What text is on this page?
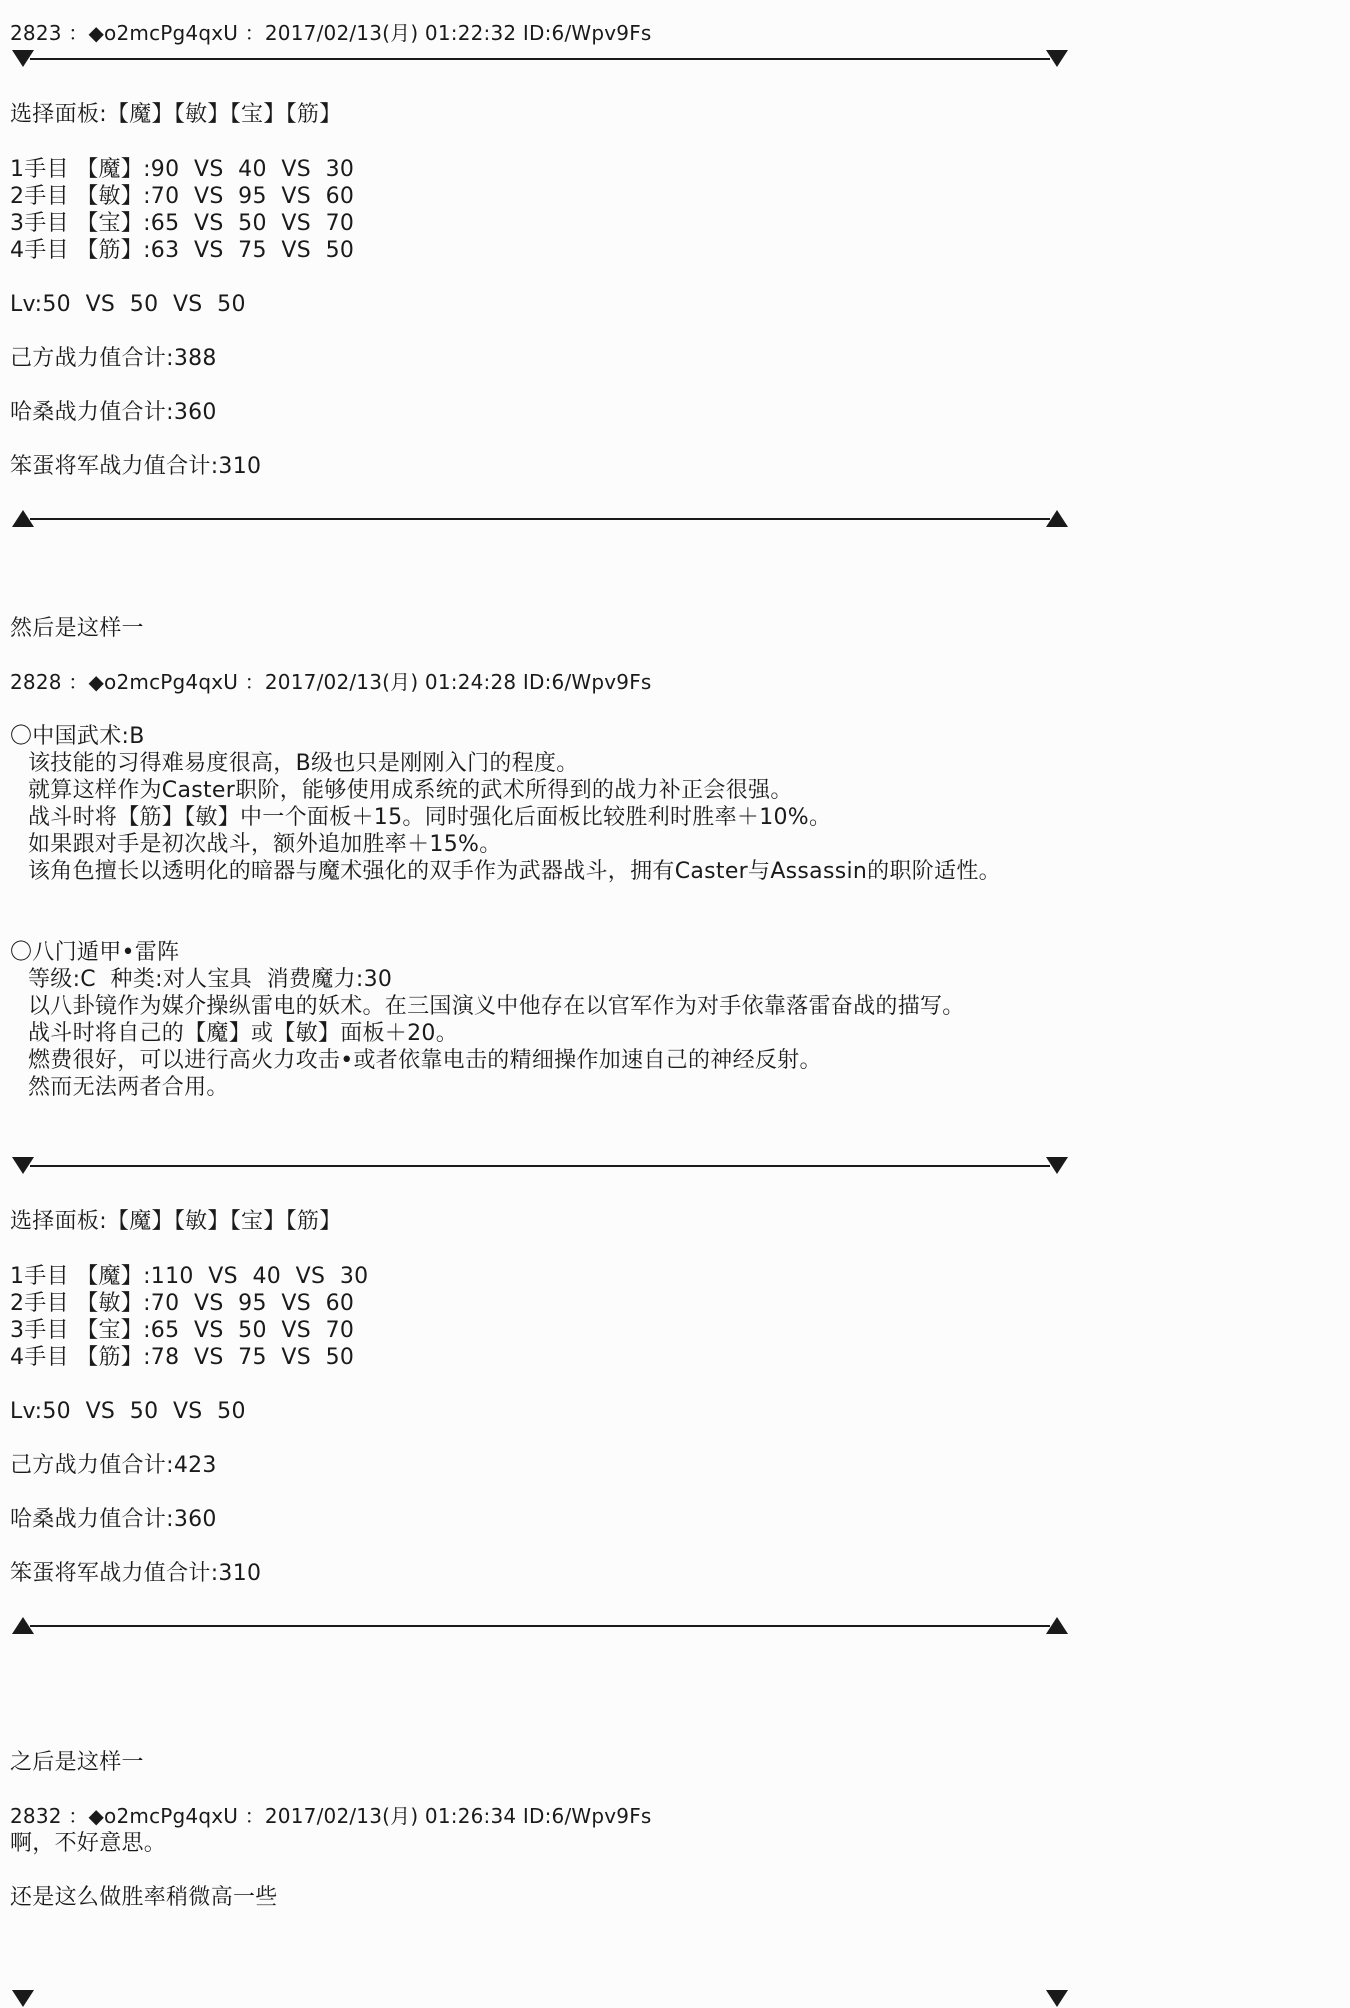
2823 ：◆o2mcPg4qxU ：2017/02/13(月) 01:22:32 ID:6/Wpv9Fs
选择面板:【魔】【敏】【宝】【筋】
1手目 【魔】:90  VS  40  VS  30
2手目 【敏】:70  VS  95  VS  60
3手目 【宝】:65  VS  50  VS  70
4手目 【筋】:63  VS  75  VS  50
Lv:50  VS  50  VS  50
己方战力值合计:388
哈桑战力值合计:360
笨蛋将军战力值合计:310
然后是这样一
2828 ：◆o2mcPg4qxU ：2017/02/13(月) 01:24:28 ID:6/Wpv9Fs
〇中国武术:B
该技能的习得难易度很高，B级也只是刚刚入门的程度。
就算这样作为Caster职阶，能够使用成系统的武术所得到的战力补正会很强。
战斗时将【筋】【敏】中一个面板＋15。同时强化后面板比较胜利时胜率＋10%。
如果跟对手是初次战斗，额外追加胜率＋15%。
该角色擅长以透明化的暗器与魔术强化的双手作为武器战斗，拥有Caster与Assassin的职阶适性。
〇八门遁甲•雷阵
等级:C  种类:对人宝具  消费魔力:30
以八卦镜作为媒介操纵雷电的妖术。在三国演义中他存在以官军作为对手依靠落雷奋战的描写。
战斗时将自己的【魔】或【敏】面板＋20。
燃费很好，可以进行高火力攻击•或者依靠电击的精细操作加速自己的神经反射。
然而无法两者合用。
选择面板:【魔】【敏】【宝】【筋】
1手目 【魔】:110  VS  40  VS  30
2手目 【敏】:70  VS  95  VS  60
3手目 【宝】:65  VS  50  VS  70
4手目 【筋】:78  VS  75  VS  50
Lv:50  VS  50  VS  50
己方战力值合计:423
哈桑战力值合计:360
笨蛋将军战力值合计:310
之后是这样一
2832 ：◆o2mcPg4qxU ：2017/02/13(月) 01:26:34 ID:6/Wpv9Fs
啊，不好意思。
还是这么做胜率稍微高一些
